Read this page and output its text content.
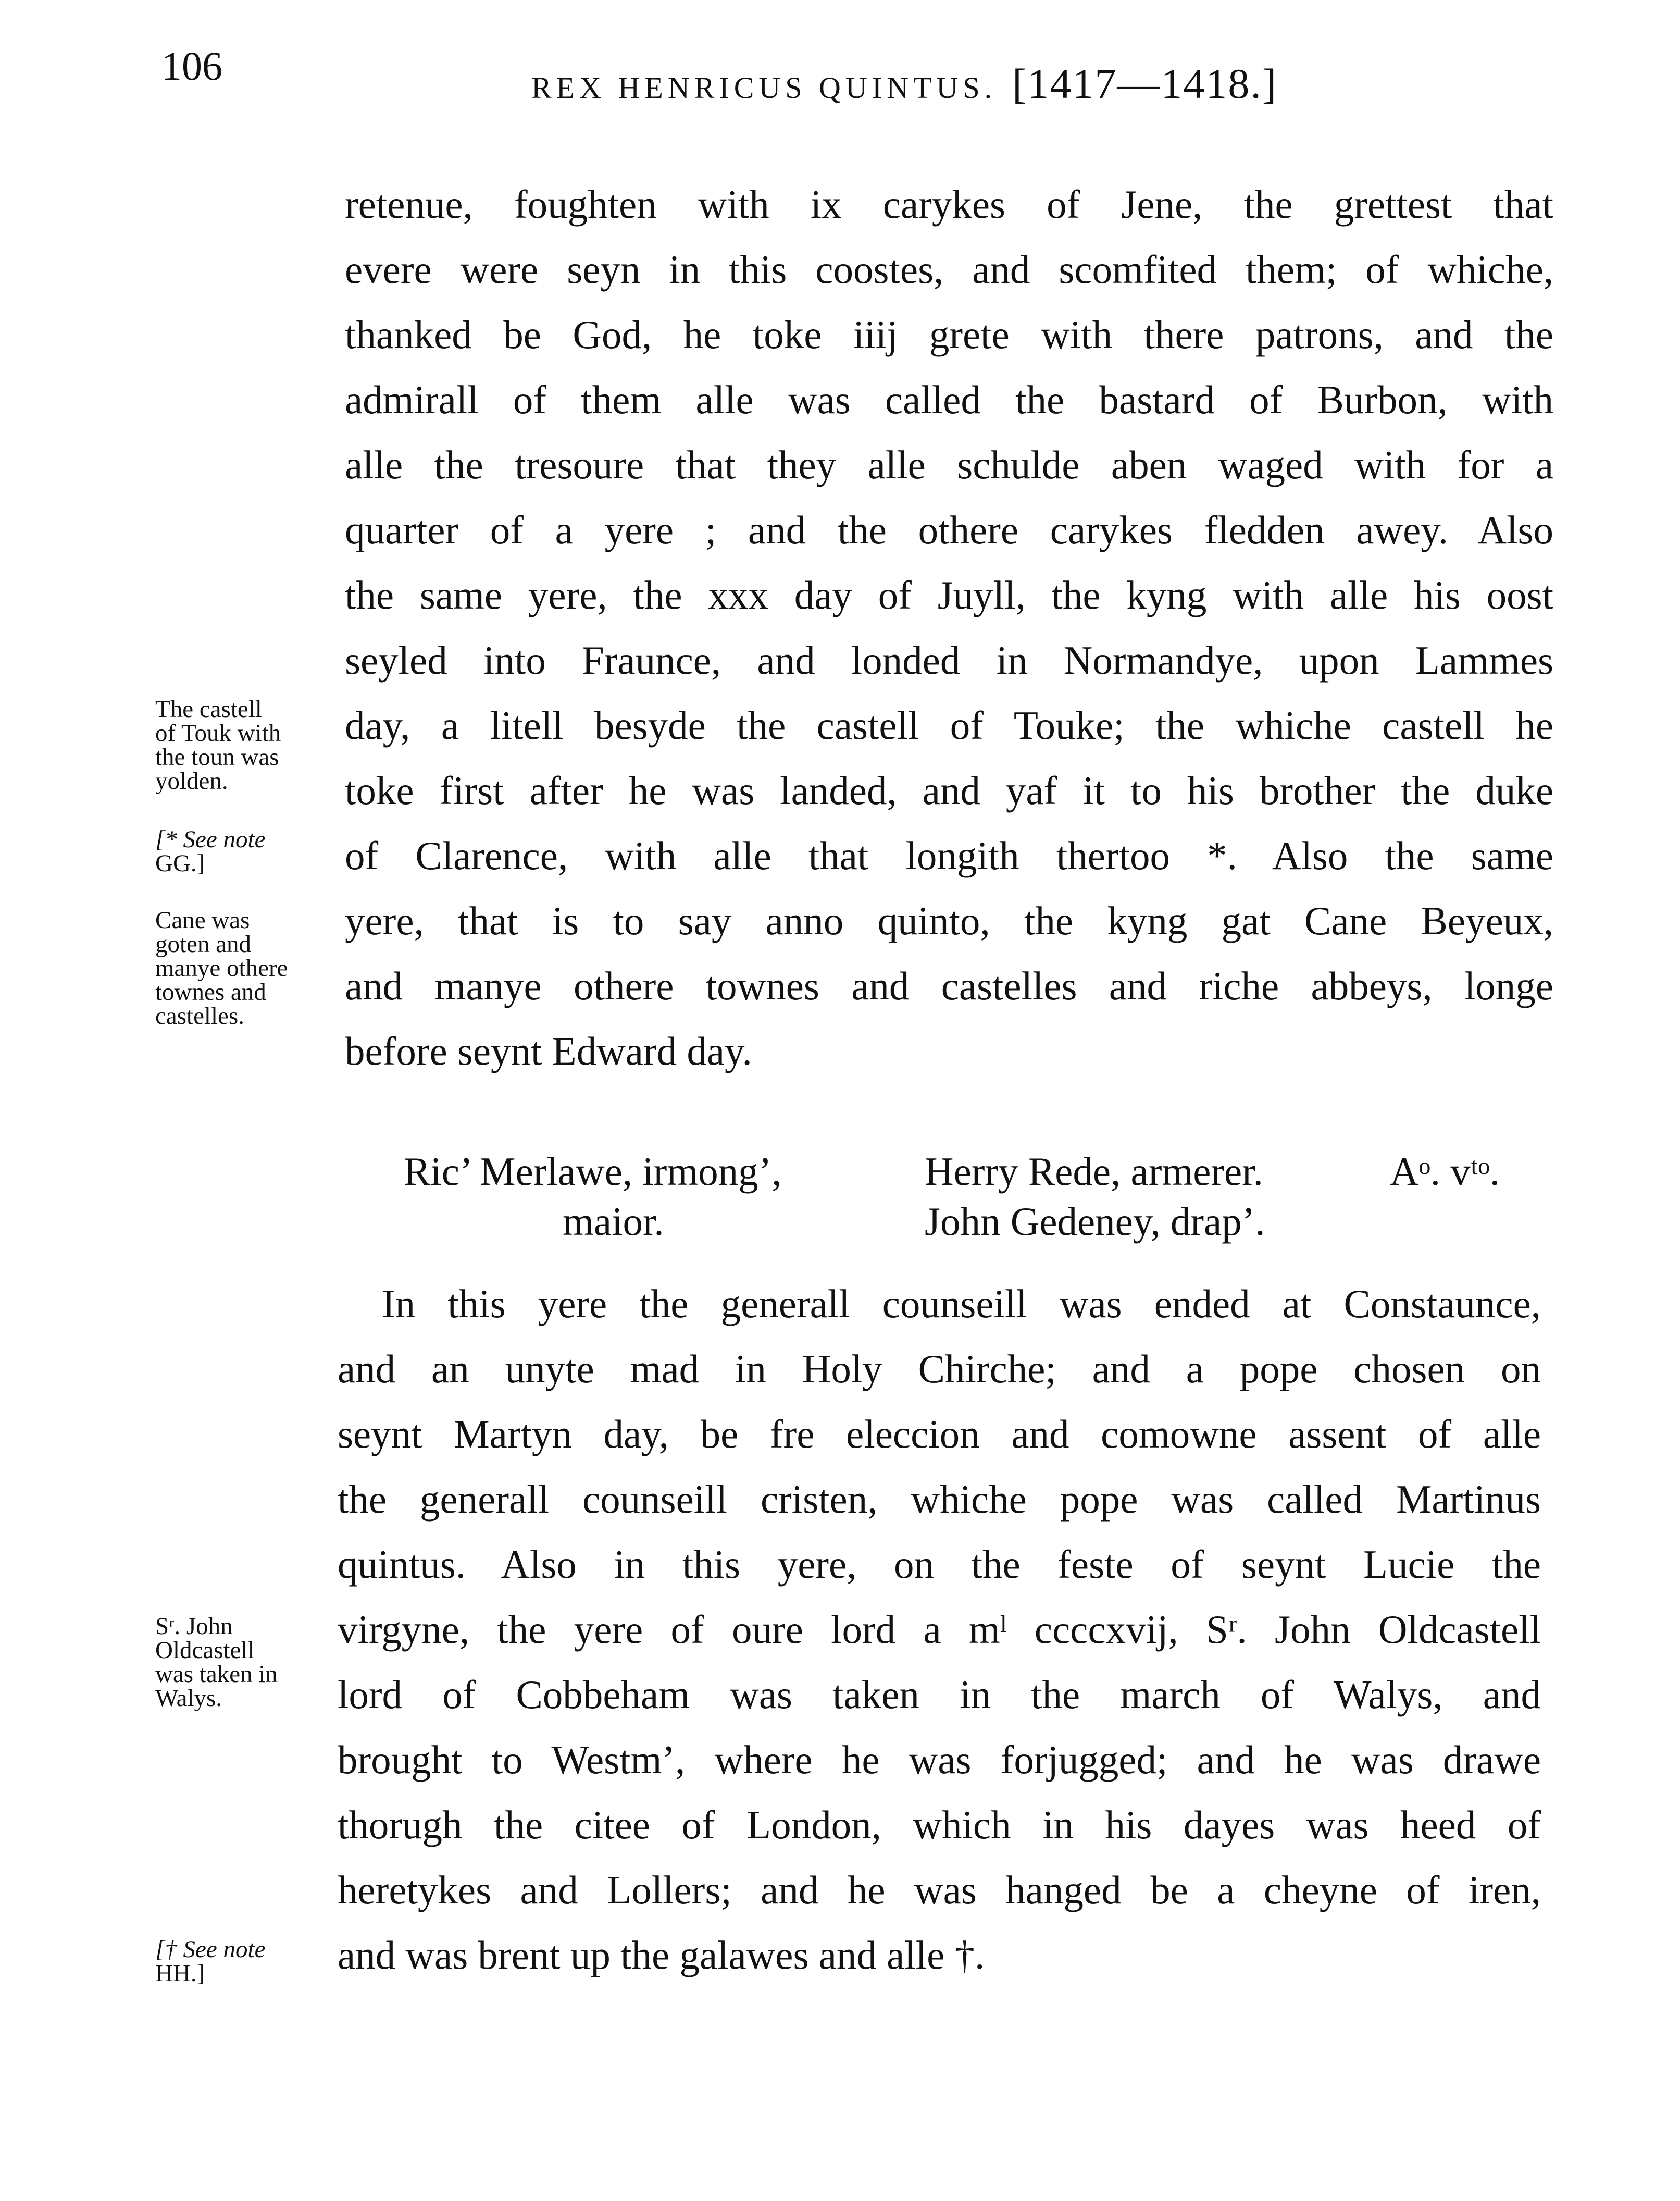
106	REX HENRICUS QUINTUS. [1417—1418.]
retenue, foughten with ix carykes of Jene, the grettest that
evere were seyn in this coostes, and scomfited them; of whiche,
thanked be God, he toke iiij grete with there patrons, and the
admirall of them alle was called the bastard of Burbon, with
alle the tresoure that they alle schulde aben waged with for a
quarter of a yere ; and the othere carykes fledden awey. Also
the same yere, the xxx day of Juyll, the kyng with alle his oost
seyled into Fraunce, and londed in Normandye, upon Lammes
day, a litell besyde the castell of Touke; the whiche castell he
toke first after he was landed, and yaf it to his brother the duke
of Clarence, with alle that longith thertoo *. Also the same
yere, that is to say anno quinto, the kyng gat Cane Beyeux,
and manye othere townes and castelles and riche abbeys, longe
before seynt Edward day.
The castell
of Touk with
the toun was
yolden.
[* See note
GG.]
Cane was
goten and
manye othere
townes and
castelles.
Ric’ Merlawe, irmong’,
maior.
Herry Rede, armerer.
John Gedeney, drap’.
Aᵒ. vᵗᵒ.
In this yere the generall counseill was ended at Constaunce,
and an unyte mad in Holy Chirche; and a pope chosen on
seynt Martyn day, be fre eleccion and comowne assent of alle
the generall counseill cristen, whiche pope was called Martinus
quintus. Also in this yere, on the feste of seynt Lucie the
virgyne, the yere of oure lord a mˡ ccccxvij, Sʳ. John Oldcastell
lord of Cobbeham was taken in the march of Walys, and
brought to Westm’, where he was forjugged; and he was drawe
thorugh the citee of London, which in his dayes was heed of
heretykes and Lollers; and he was hanged be a cheyne of iren,
and was brent up the galawes and alle †.
Sʳ. John
Oldcastell
was taken in
Walys.
[† See note
HH.]
